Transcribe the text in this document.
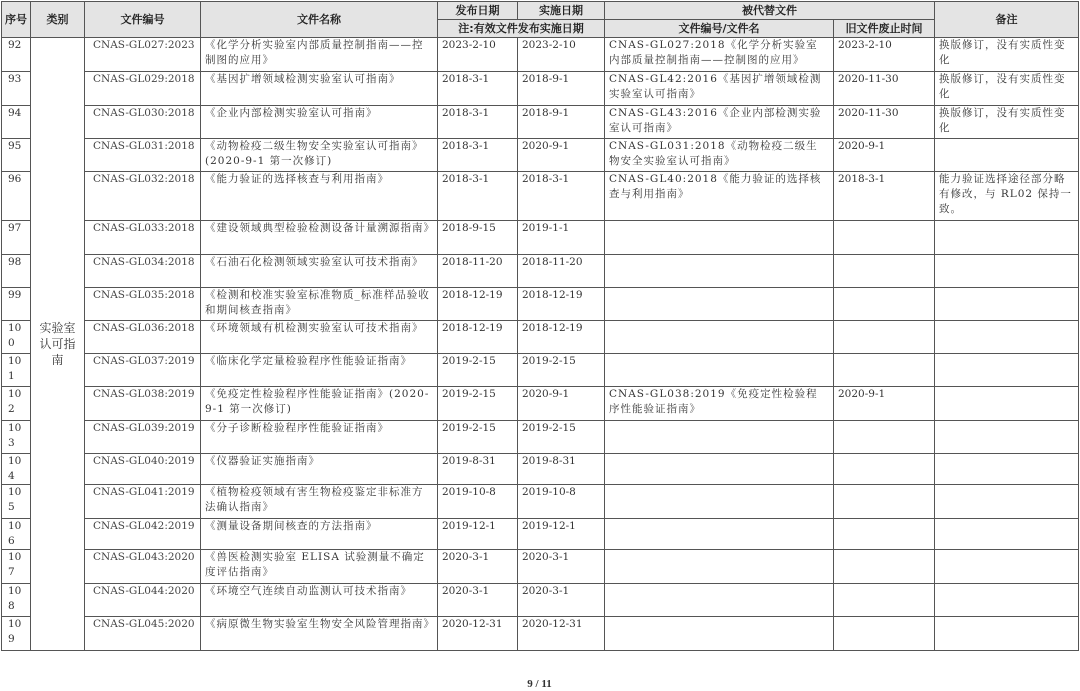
序号	类别	文件编号	文件名称	发布日期	实施日期	被代替文件		备注
				注:有效文件发布实施日期		文件编号/文件名	旧文件废止时间	
92	实验室认可指南	CNAS-GL027:2023	《化学分析实验室内部质量控制指南——控制图的应用》	2023-2-10	2023-2-10	CNAS-GL027:2018《化学分析实验室内部质量控制指南——控制图的应用》	2023-2-10	换版修订，没有实质性变化
93		CNAS-GL029:2018	《基因扩增领域检测实验室认可指南》	2018-3-1	2018-9-1	CNAS-GL42:2016《基因扩增领域检测实验室认可指南》	2020-11-30	换版修订，没有实质性变化
94		CNAS-GL030:2018	《企业内部检测实验室认可指南》	2018-3-1	2018-9-1	CNAS-GL43:2016《企业内部检测实验室认可指南》	2020-11-30	换版修订，没有实质性变化
95		CNAS-GL031:2018	《动物检疫二级生物安全实验室认可指南》(2020-9-1 第一次修订)	2018-3-1	2020-9-1	CNAS-GL031:2018《动物检疫二级生物安全实验室认可指南》	2020-9-1	
96		CNAS-GL032:2018	《能力验证的选择核查与利用指南》	2018-3-1	2018-3-1	CNAS-GL40:2018《能力验证的选择核查与利用指南》	2018-3-1	能力验证选择途径部分略有修改，与 RL02 保持一致。
97		CNAS-GL033:2018	《建设领域典型检验检测设备计量溯源指南》	2018-9-15	2019-1-1			
98		CNAS-GL034:2018	《石油石化检测领域实验室认可技术指南》	2018-11-20	2018-11-20			
99		CNAS-GL035:2018	《检测和校准实验室标准物质_标准样品验收和期间核查指南》	2018-12-19	2018-12-19			
100		CNAS-GL036:2018	《环境领域有机检测实验室认可技术指南》	2018-12-19	2018-12-19			
101		CNAS-GL037:2019	《临床化学定量检验程序性能验证指南》	2019-2-15	2019-2-15			
102		CNAS-GL038:2019	《免疫定性检验程序性能验证指南》(2020-9-1 第一次修订)	2019-2-15	2020-9-1	CNAS-GL038:2019《免疫定性检验程序性能验证指南》	2020-9-1	
103		CNAS-GL039:2019	《分子诊断检验程序性能验证指南》	2019-2-15	2019-2-15			
104		CNAS-GL040:2019	《仪器验证实施指南》	2019-8-31	2019-8-31			
105		CNAS-GL041:2019	《植物检疫领域有害生物检疫鉴定非标准方法确认指南》	2019-10-8	2019-10-8			
106		CNAS-GL042:2019	《测量设备期间核查的方法指南》	2019-12-1	2019-12-1			
107		CNAS-GL043:2020	《兽医检测实验室 ELISA 试验测量不确定度评估指南》	2020-3-1	2020-3-1			
108		CNAS-GL044:2020	《环境空气连续自动监测认可技术指南》	2020-3-1	2020-3-1			
109		CNAS-GL045:2020	《病原微生物实验室生物安全风险管理指南》	2020-12-31	2020-12-31			
9 / 11
